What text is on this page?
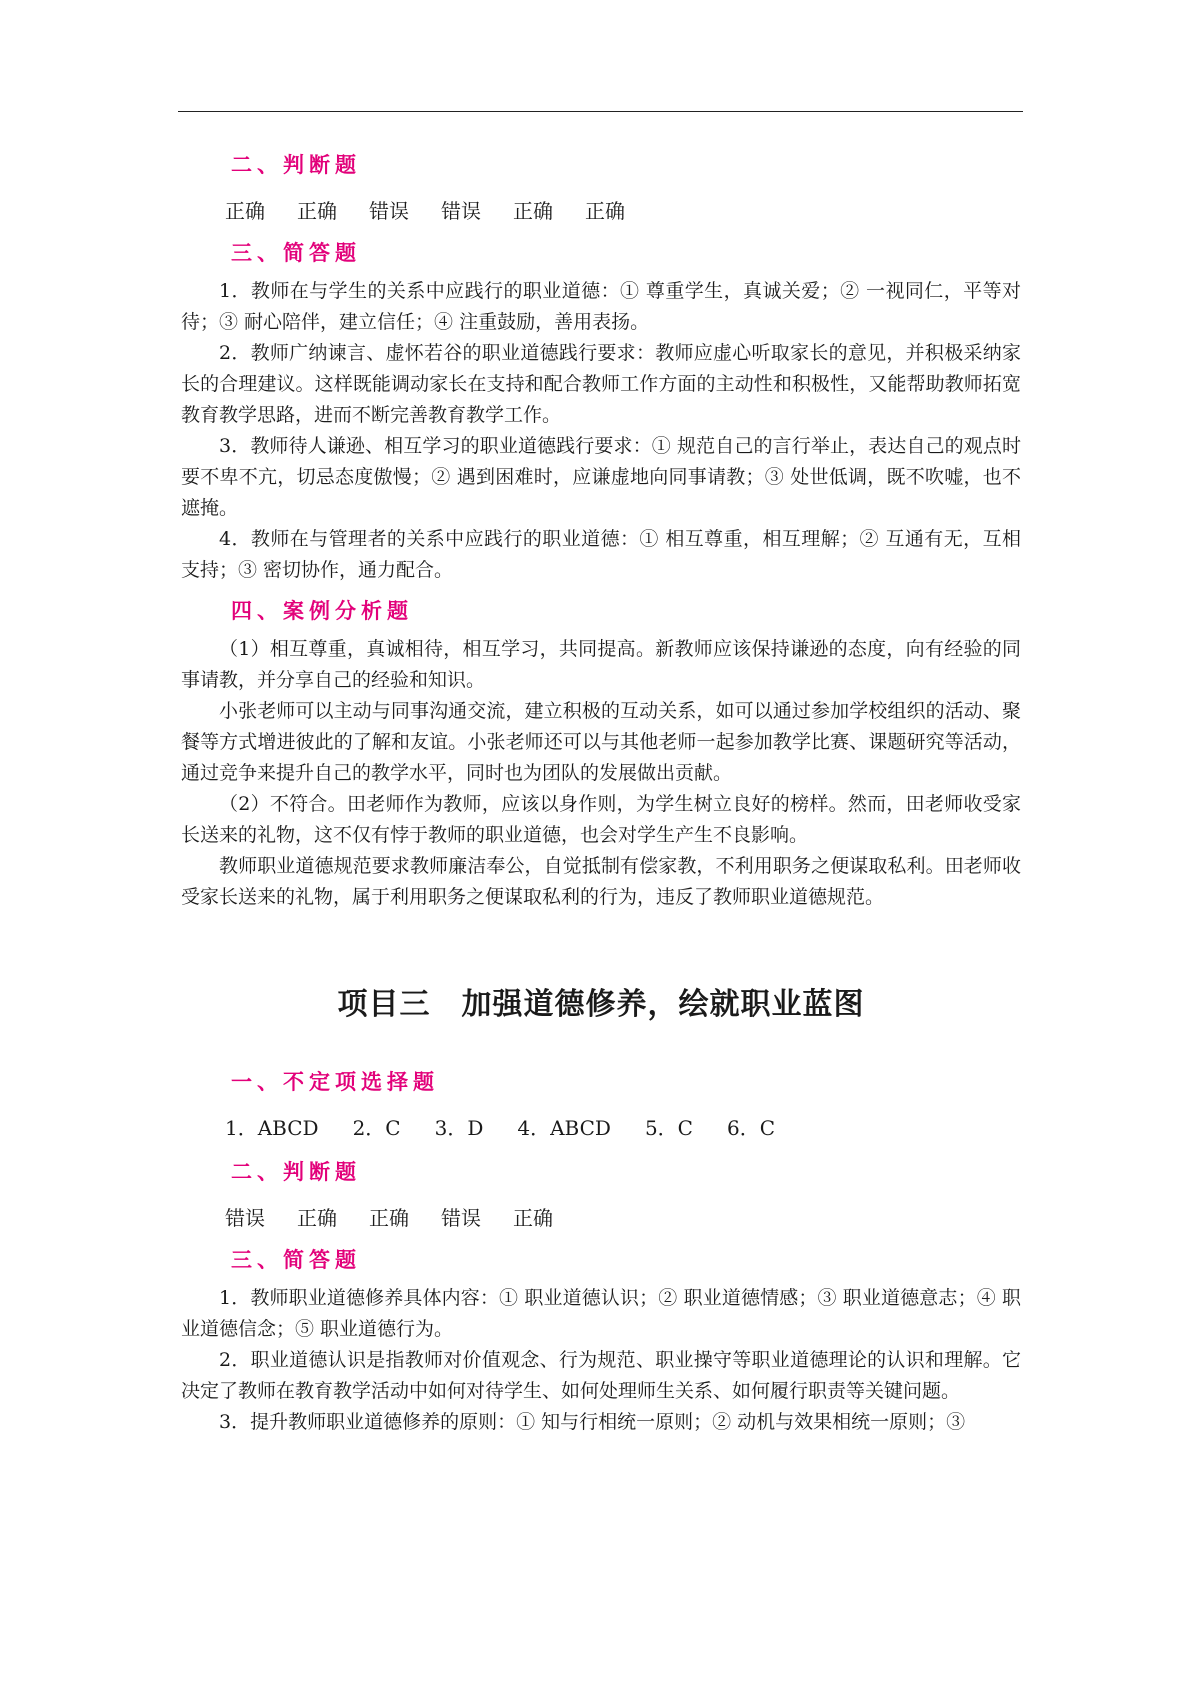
二、判断题
正确 正确 错误 错误 正确 正确
三、简答题

1．教师在与学生的关系中应践行的职业道德：① 尊重学生，真诚关爱；② 一视同仁，平等对待；③ 耐心陪伴，建立信任；④ 注重鼓励，善用表扬。

2．教师广纳谏言、虚怀若谷的职业道德践行要求：教师应虚心听取家长的意见，并积极采纳家长的合理建议。这样既能调动家长在支持和配合教师工作方面的主动性和积极性，又能帮助教师拓宽教育教学思路，进而不断完善教育教学工作。

3．教师待人谦逊、相互学习的职业道德践行要求：① 规范自己的言行举止，表达自己的观点时要不卑不亢，切忌态度傲慢；② 遇到困难时，应谦虚地向同事请教；③ 处世低调，既不吹嘘，也不遮掩。

4．教师在与管理者的关系中应践行的职业道德：① 相互尊重，相互理解；② 互通有无，互相支持；③ 密切协作，通力配合。

四、案例分析题

（1）相互尊重，真诚相待，相互学习，共同提高。新教师应该保持谦逊的态度，向有经验的同事请教，并分享自己的经验和知识。

小张老师可以主动与同事沟通交流，建立积极的互动关系，如可以通过参加学校组织的活动、聚餐等方式增进彼此的了解和友谊。小张老师还可以与其他老师一起参加教学比赛、课题研究等活动，通过竞争来提升自己的教学水平，同时也为团队的发展做出贡献。

（2）不符合。田老师作为教师，应该以身作则，为学生树立良好的榜样。然而，田老师收受家长送来的礼物，这不仅有悖于教师的职业道德，也会对学生产生不良影响。

教师职业道德规范要求教师廉洁奉公，自觉抵制有偿家教，不利用职务之便谋取私利。田老师收受家长送来的礼物，属于利用职务之便谋取私利的行为，违反了教师职业道德规范。

项目三　加强道德修养，绘就职业蓝图
一、不定项选择题
1．ABCD 2．C 3．D 4．ABCD 5．C 6．C
二、判断题
错误 正确 正确 错误 正确
三、简答题

1．教师职业道德修养具体内容：① 职业道德认识；② 职业道德情感；③ 职业道德意志；④ 职业道德信念；⑤ 职业道德行为。

2．职业道德认识是指教师对价值观念、行为规范、职业操守等职业道德理论的认识和理解。它决定了教师在教育教学活动中如何对待学生、如何处理师生关系、如何履行职责等关键问题。

3．提升教师职业道德修养的原则：① 知与行相统一原则；② 动机与效果相统一原则；③
